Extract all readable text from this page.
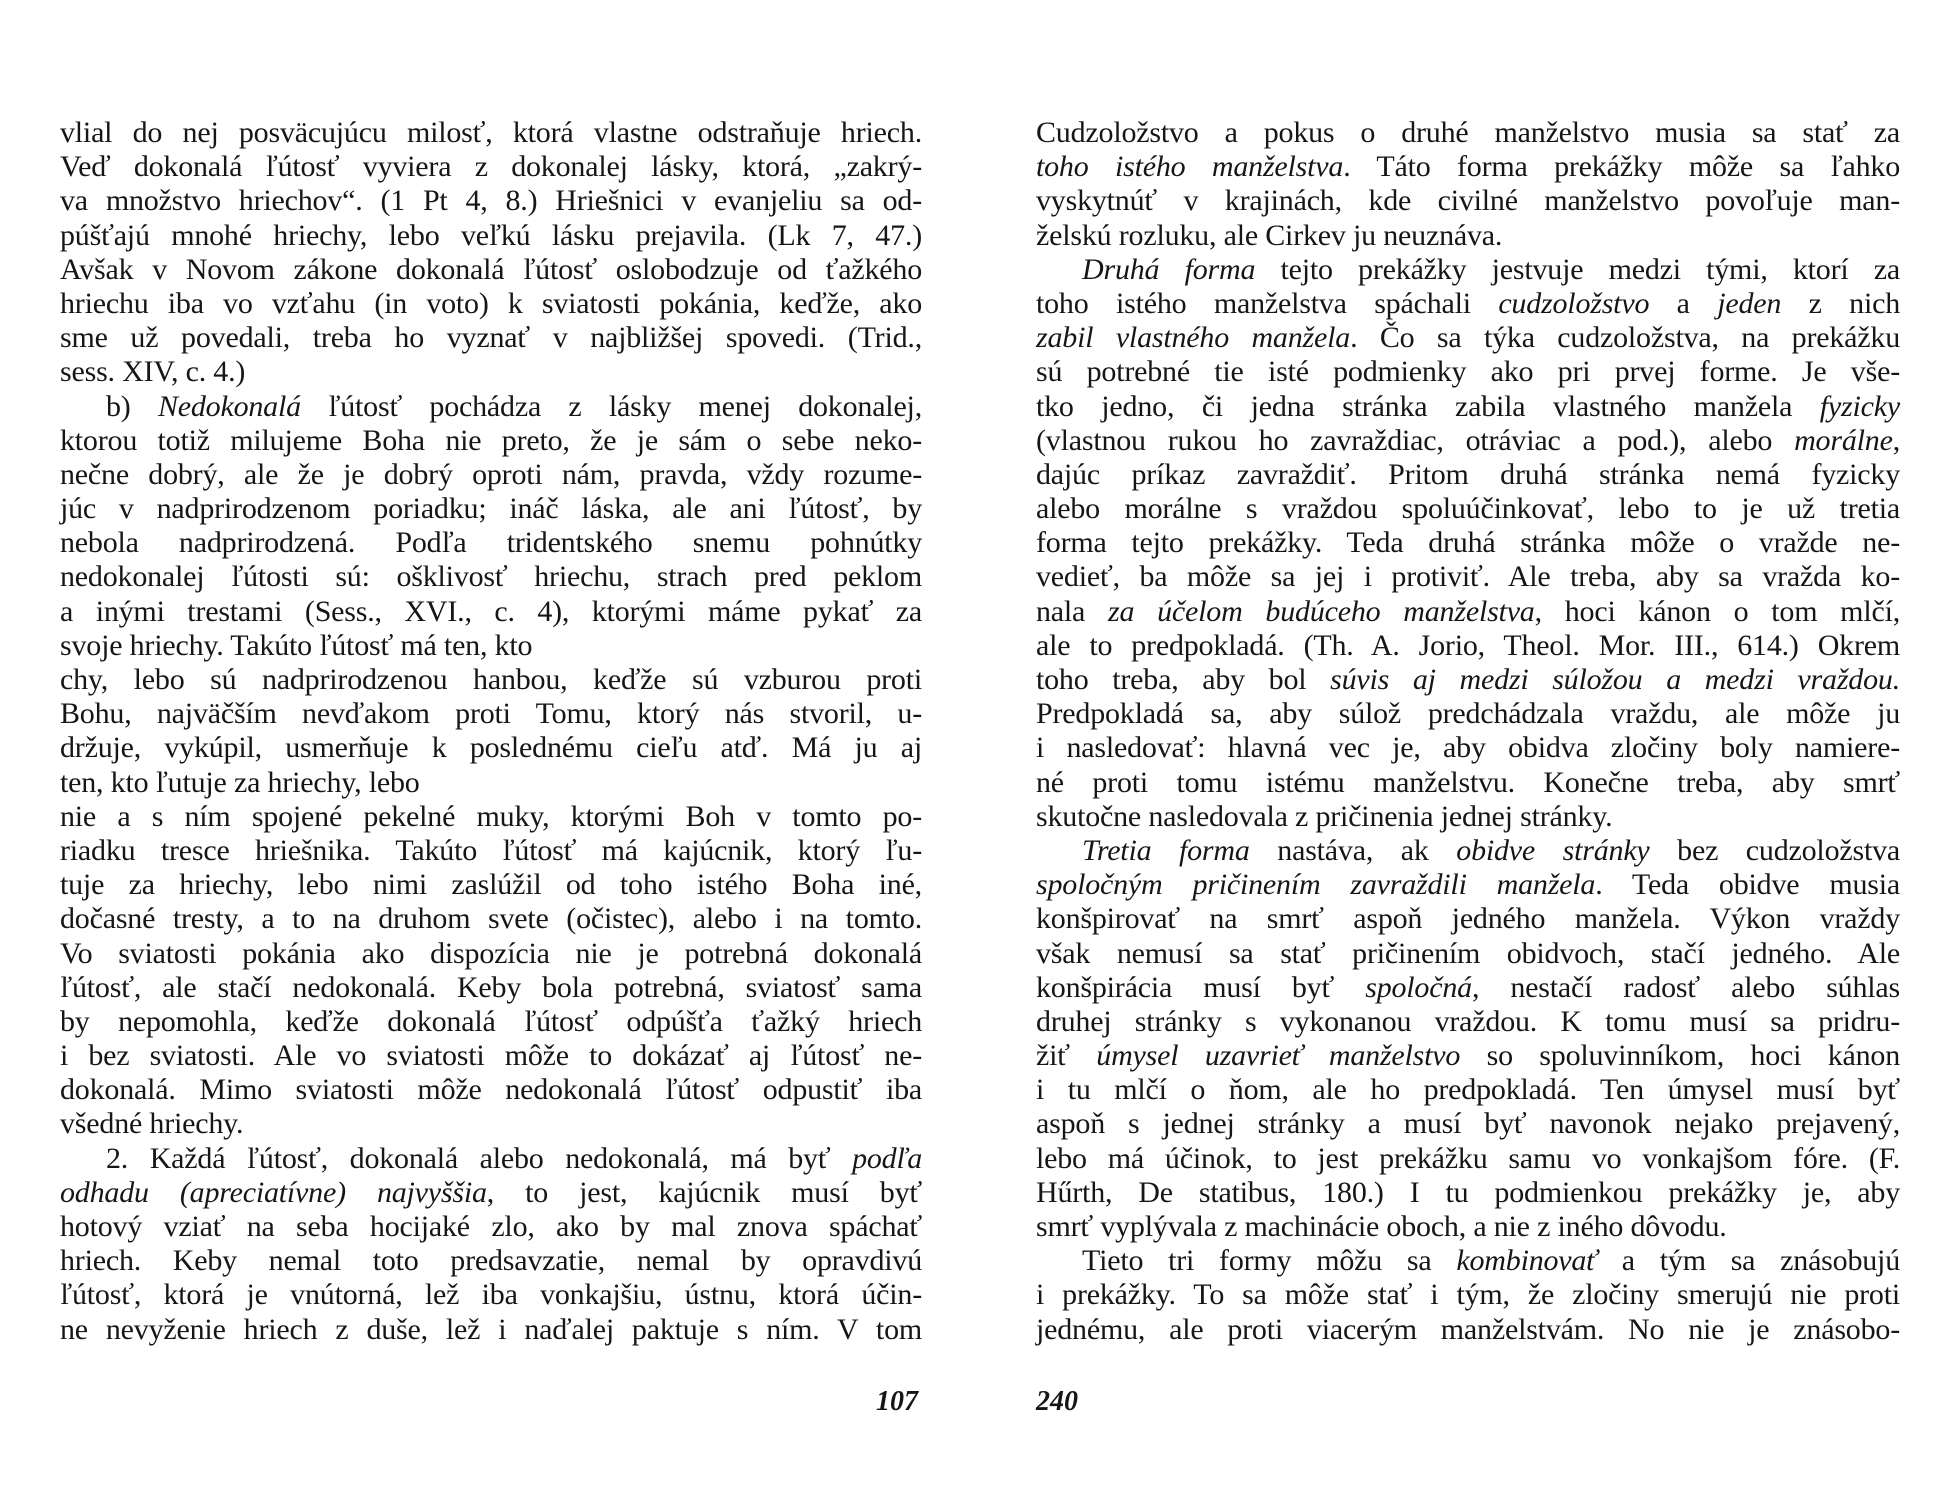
vlial do nej posväcujúcu milosť, ktorá vlastne odstraňuje hriech.
Veď dokonalá ľútosť vyviera z dokonalej lásky, ktorá, „zakrý-
va množstvo hriechov“. (1 Pt 4, 8.) Hriešnici v evanjeliu sa od-
púšťajú mnohé hriechy, lebo veľkú lásku prejavila. (Lk 7, 47.)
Avšak v Novom zákone dokonalá ľútosť oslobodzuje od ťažkého
hriechu iba vo vzťahu (in voto) k sviatosti pokánia, keďže, ako
sme už povedali, treba ho vyznať v najbližšej spovedi. (Trid.,
sess. XIV, c. 4.)
b) Nedokonalá ľútosť pochádza z lásky menej dokonalej,
ktorou totiž milujeme Boha nie preto, že je sám o sebe neko-
nečne dobrý, ale že je dobrý oproti nám, pravda, vždy rozume-
júc v nadprirodzenom poriadku; ináč láska, ale ani ľútosť, by
nebola nadprirodzená. Podľa tridentského snemu pohnútky
nedokonalej ľútosti sú: ošklivosť hriechu, strach pred peklom
a inými trestami (Sess., XVI., c. 4), ktorými máme pykať za
svoje hriechy. Takúto ľútosť má ten, kto
chy, lebo sú nadprirodzenou hanbou, keďže sú vzburou proti
Bohu, najväčším nevďakom proti Tomu, ktorý nás stvoril, u-
držuje, vykúpil, usmerňuje k poslednému cieľu atď. Má ju aj
ten, kto ľutuje za hriechy, lebo
nie a s ním spojené pekelné muky, ktorými Boh v tomto po-
riadku tresce hriešnika. Takúto ľútosť má kajúcnik, ktorý ľu-
tuje za hriechy, lebo nimi zaslúžil od toho istého Boha iné,
dočasné tresty, a to na druhom svete (očistec), alebo i na tomto.
Vo sviatosti pokánia ako dispozícia nie je potrebná dokonalá
ľútosť, ale stačí nedokonalá. Keby bola potrebná, sviatosť sama
by nepomohla, keďže dokonalá ľútosť odpúšťa ťažký hriech
i bez sviatosti. Ale vo sviatosti môže to dokázať aj ľútosť ne-
dokonalá. Mimo sviatosti môže nedokonalá ľútosť odpustiť iba
všedné hriechy.
2. Každá ľútosť, dokonalá alebo nedokonalá, má byť podľa
odhadu (apreciatívne) najvyššia, to jest, kajúcnik musí byť
hotový vziať na seba hocijaké zlo, ako by mal znova spáchať
hriech. Keby nemal toto predsavzatie, nemal by opravdivú
ľútosť, ktorá je vnútorná, lež iba vonkajšiu, ústnu, ktorá účin-
ne nevyženie hriech z duše, lež i naďalej paktuje s ním. V tom
Cudzoložstvo a pokus o druhé manželstvo musia sa stať za
toho istého manželstva. Táto forma prekážky môže sa ľahko
vyskytnúť v krajinách, kde civilné manželstvo povoľuje man-
želskú rozluku, ale Cirkev ju neuznáva.
Druhá forma tejto prekážky jestvuje medzi tými, ktorí za
toho istého manželstva spáchali cudzoložstvo a jeden z nich
zabil vlastného manžela. Čo sa týka cudzoložstva, na prekážku
sú potrebné tie isté podmienky ako pri prvej forme. Je vše-
tko jedno, či jedna stránka zabila vlastného manžela fyzicky
(vlastnou rukou ho zavraždiac, otráviac a pod.), alebo morálne,
dajúc príkaz zavraždiť. Pritom druhá stránka nemá fyzicky
alebo morálne s vraždou spoluúčinkovať, lebo to je už tretia
forma tejto prekážky. Teda druhá stránka môže o vražde ne-
vedieť, ba môže sa jej i protiviť. Ale treba, aby sa vražda ko-
nala za účelom budúceho manželstva, hoci kánon o tom mlčí,
ale to predpokladá. (Th. A. Jorio, Theol. Mor. III., 614.) Okrem
toho treba, aby bol súvis aj medzi súložou a medzi vraždou.
Predpokladá sa, aby súlož predchádzala vraždu, ale môže ju
i nasledovať: hlavná vec je, aby obidva zločiny boly namiere-
né proti tomu istému manželstvu. Konečne treba, aby smrť
skutočne nasledovala z pričinenia jednej stránky.
Tretia forma nastáva, ak obidve stránky bez cudzoložstva
spoločným pričinením zavraždili manžela. Teda obidve musia
konšpirovať na smrť aspoň jedného manžela. Výkon vraždy
však nemusí sa stať pričinením obidvoch, stačí jedného. Ale
konšpirácia musí byť spoločná, nestačí radosť alebo súhlas
druhej stránky s vykonanou vraždou. K tomu musí sa pridru-
žiť úmysel uzavrieť manželstvo so spoluvinníkom, hoci kánon
i tu mlčí o ňom, ale ho predpokladá. Ten úmysel musí byť
aspoň s jednej stránky a musí byť navonok nejako prejavený,
lebo má účinok, to jest prekážku samu vo vonkajšom fóre. (F.
Hűrth, De statibus, 180.) I tu podmienkou prekážky je, aby
smrť vyplývala z machinácie oboch, a nie z iného dôvodu.
Tieto tri formy môžu sa kombinovať a tým sa znásobujú
i prekážky. To sa môže stať i tým, že zločiny smerujú nie proti
jednému, ale proti viacerým manželstvám. No nie je znásobo-
107	240
